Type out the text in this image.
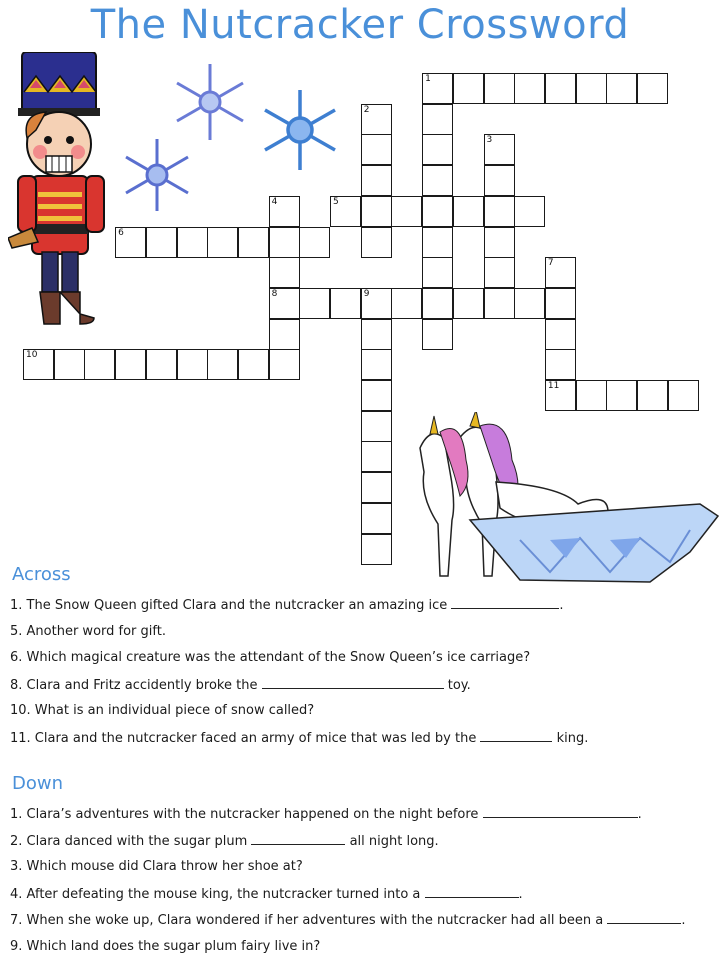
The Nutcracker Crossword
1
2
3
4
8
5
6
7
11
9
10
Across
1. The Snow Queen gifted Clara and the nutcracker an amazing ice	.
5. Another word for gift.
6. Which magical creature was the attendant of the Snow Queen’s ice carriage?
8. Clara and Fritz accidently broke the	toy.
10. What is an individual piece of snow called?
11. Clara and the nutcracker faced an army of mice that was led by the	king.
Down
1. Clara’s adventures with the nutcracker happened on the night before	.
2. Clara danced with the sugar plum	all night long.
3. Which mouse did Clara throw her shoe at?
4. After defeating the mouse king, the nutcracker turned into a	.
7. When she woke up, Clara wondered if her adventures with the nutcracker had all been a	.
9. Which land does the sugar plum fairy live in?
